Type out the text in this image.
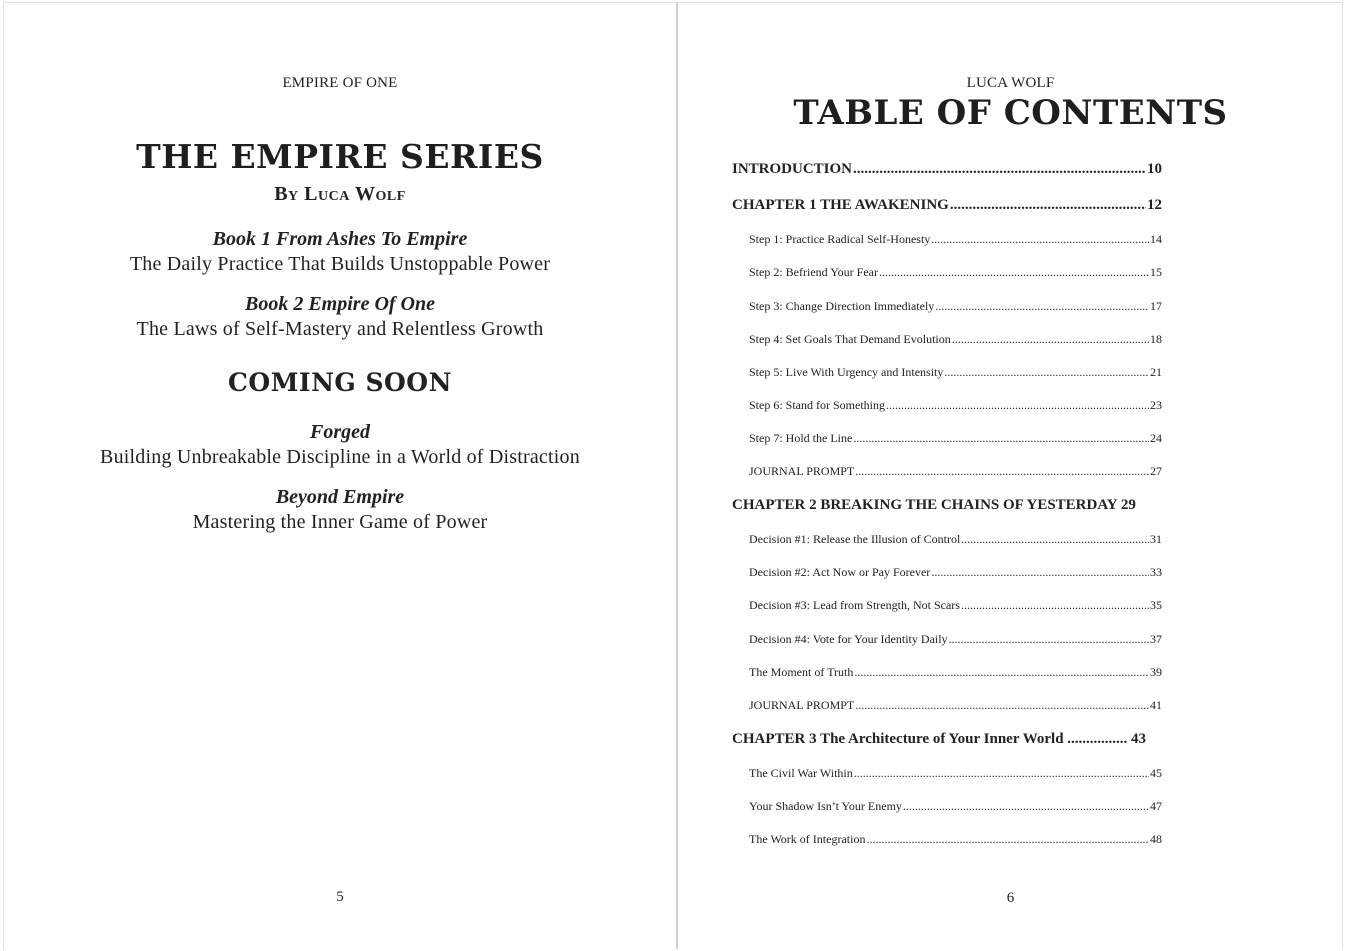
EMPIRE OF ONE
THE EMPIRE SERIES
By Luca Wolf
Book 1 From Ashes To Empire
The Daily Practice That Builds Unstoppable Power
Book 2 Empire Of One
The Laws of Self-Mastery and Relentless Growth
COMING SOON
Forged
Building Unbreakable Discipline in a World of Distraction
Beyond Empire
Mastering the Inner Game of Power
5
LUCA WOLF
TABLE OF CONTENTS
INTRODUCTION .....	10
CHAPTER 1 THE AWAKENING .....	12
Step 1: Practice Radical Self-Honesty .....	14
Step 2: Befriend Your Fear .....	15
Step 3: Change Direction Immediately .....	17
Step 4: Set Goals That Demand Evolution .....	18
Step 5: Live With Urgency and Intensity .....	21
Step 6: Stand for Something .....	23
Step 7: Hold the Line .....	24
JOURNAL PROMPT .....	27
CHAPTER 2 BREAKING THE CHAINS OF YESTERDAY 29
Decision #1: Release the Illusion of Control .....	31
Decision #2: Act Now or Pay Forever .....	33
Decision #3: Lead from Strength, Not Scars .....	35
Decision #4: Vote for Your Identity Daily .....	37
The Moment of Truth .....	39
JOURNAL PROMPT .....	41
CHAPTER 3 The Architecture of Your Inner World ................ 43
The Civil War Within .....	45
Your Shadow Isn’t Your Enemy .....	47
The Work of Integration .....	48
6
